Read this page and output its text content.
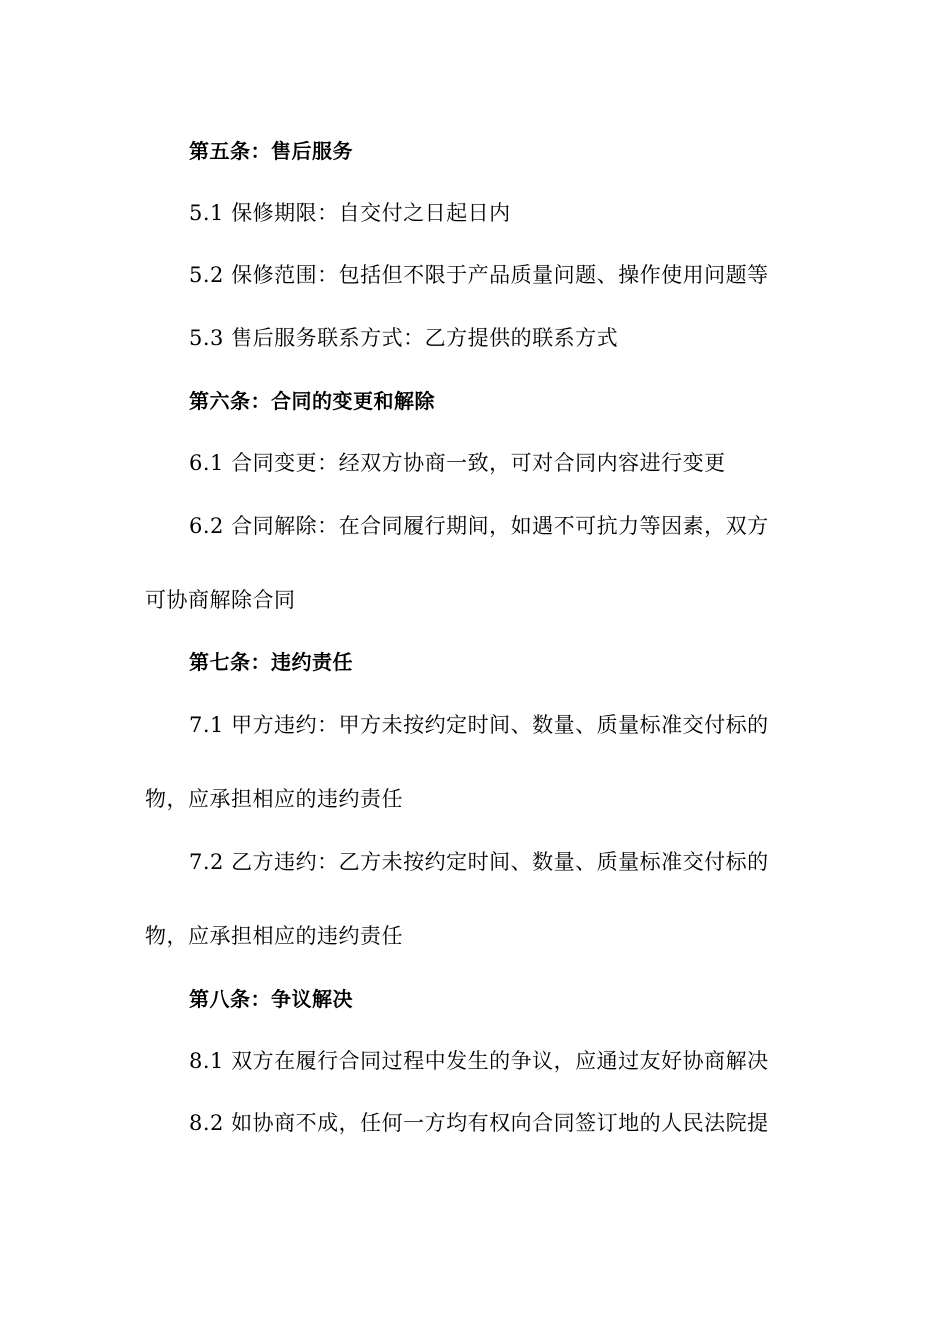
第五条：售后服务
5.1 保修期限：自交付之日起日内
5.2 保修范围：包括但不限于产品质量问题、操作使用问题等
5.3 售后服务联系方式：乙方提供的联系方式
第六条：合同的变更和解除
6.1 合同变更：经双方协商一致，可对合同内容进行变更
6.2 合同解除：在合同履行期间，如遇不可抗力等因素，双方
可协商解除合同
第七条：违约责任
7.1 甲方违约：甲方未按约定时间、数量、质量标准交付标的
物，应承担相应的违约责任
7.2 乙方违约：乙方未按约定时间、数量、质量标准交付标的
物，应承担相应的违约责任
第八条：争议解决
8.1 双方在履行合同过程中发生的争议，应通过友好协商解决
8.2 如协商不成，任何一方均有权向合同签订地的人民法院提
